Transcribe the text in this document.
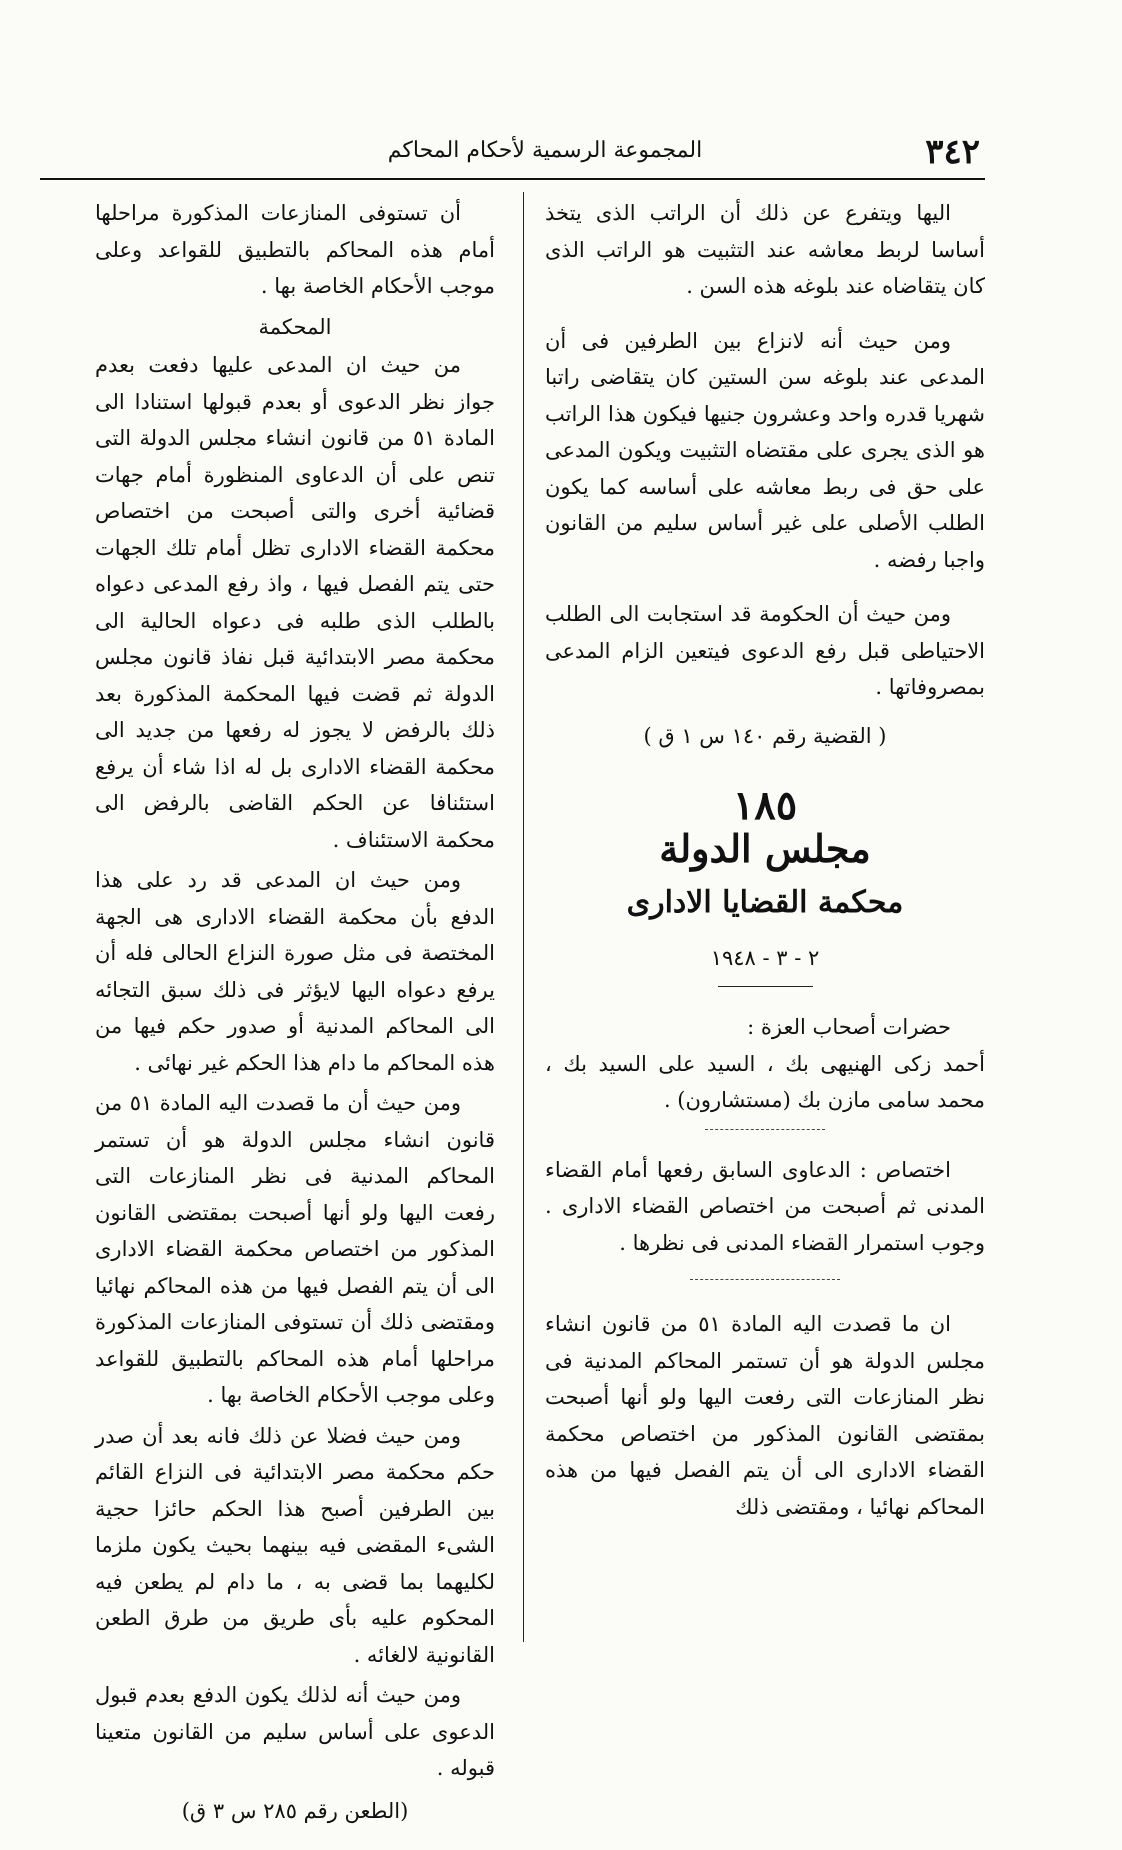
٣٤٢
المجموعة الرسمية لأحكام المحاكم

اليها ويتفرع عن ذلك أن الراتب الذى يتخذ أساسا لربط معاشه عند التثبيت هو الراتب الذى كان يتقاضاه عند بلوغه هذه السن .

ومن حيث أنه لانزاع بين الطرفين فى أن المدعى عند بلوغه سن الستين كان يتقاضى راتبا شهريا قدره واحد وعشرون جنيها فيكون هذا الراتب هو الذى يجرى على مقتضاه التثبيت ويكون المدعى على حق فى ربط معاشه على أساسه كما يكون الطلب الأصلى على غير أساس سليم من القانون واجبا رفضه .

ومن حيث أن الحكومة قد استجابت الى الطلب الاحتياطى قبل رفع الدعوى فيتعين الزام المدعى بمصروفاتها .

( القضية رقم ١٤٠ س ١ ق )

١٨٥
مجلس الدولة
محكمة القضايا الادارى
٢ - ٣ - ١٩٤٨

حضرات أصحاب العزة :

أحمد زكى الهنيهى بك ، السيد على السيد بك ، محمد سامى مازن بك (مستشارون) .

اختصاص : الدعاوى السابق رفعها أمام القضاء المدنى ثم أصبحت من اختصاص القضاء الادارى . وجوب استمرار القضاء المدنى فى نظرها .

ان ما قصدت اليه المادة ٥١ من قانون انشاء مجلس الدولة هو أن تستمر المحاكم المدنية فى نظر المنازعات التى رفعت اليها ولو أنها أصبحت بمقتضى القانون المذكور من اختصاص محكمة القضاء الادارى الى أن يتم الفصل فيها من هذه المحاكم نهائيا ، ومقتضى ذلك

أن تستوفى المنازعات المذكورة مراحلها أمام هذه المحاكم بالتطبيق للقواعد وعلى موجب الأحكام الخاصة بها .

المحكمة

من حيث ان المدعى عليها دفعت بعدم جواز نظر الدعوى أو بعدم قبولها استنادا الى المادة ٥١ من قانون انشاء مجلس الدولة التى تنص على أن الدعاوى المنظورة أمام جهات قضائية أخرى والتى أصبحت من اختصاص محكمة القضاء الادارى تظل أمام تلك الجهات حتى يتم الفصل فيها ، واذ رفع المدعى دعواه بالطلب الذى طلبه فى دعواه الحالية الى محكمة مصر الابتدائية قبل نفاذ قانون مجلس الدولة ثم قضت فيها المحكمة المذكورة بعد ذلك بالرفض لا يجوز له رفعها من جديد الى محكمة القضاء الادارى بل له اذا شاء أن يرفع استئنافا عن الحكم القاضى بالرفض الى محكمة الاستئناف .

ومن حيث ان المدعى قد رد على هذا الدفع بأن محكمة القضاء الادارى هى الجهة المختصة فى مثل صورة النزاع الحالى فله أن يرفع دعواه اليها لايؤثر فى ذلك سبق التجائه الى المحاكم المدنية أو صدور حكم فيها من هذه المحاكم ما دام هذا الحكم غير نهائى .

ومن حيث أن ما قصدت اليه المادة ٥١ من قانون انشاء مجلس الدولة هو أن تستمر المحاكم المدنية فى نظر المنازعات التى رفعت اليها ولو أنها أصبحت بمقتضى القانون المذكور من اختصاص محكمة القضاء الادارى الى أن يتم الفصل فيها من هذه المحاكم نهائيا ومقتضى ذلك أن تستوفى المنازعات المذكورة مراحلها أمام هذه المحاكم بالتطبيق للقواعد وعلى موجب الأحكام الخاصة بها .

ومن حيث فضلا عن ذلك فانه بعد أن صدر حكم محكمة مصر الابتدائية فى النزاع القائم بين الطرفين أصبح هذا الحكم حائزا حجية الشىء المقضى فيه بينهما بحيث يكون ملزما لكليهما بما قضى به ، ما دام لم يطعن فيه المحكوم عليه بأى طريق من طرق الطعن القانونية لالغائه .

ومن حيث أنه لذلك يكون الدفع بعدم قبول الدعوى على أساس سليم من القانون متعينا قبوله .

(الطعن رقم ٢٨٥ س ٣ ق)
